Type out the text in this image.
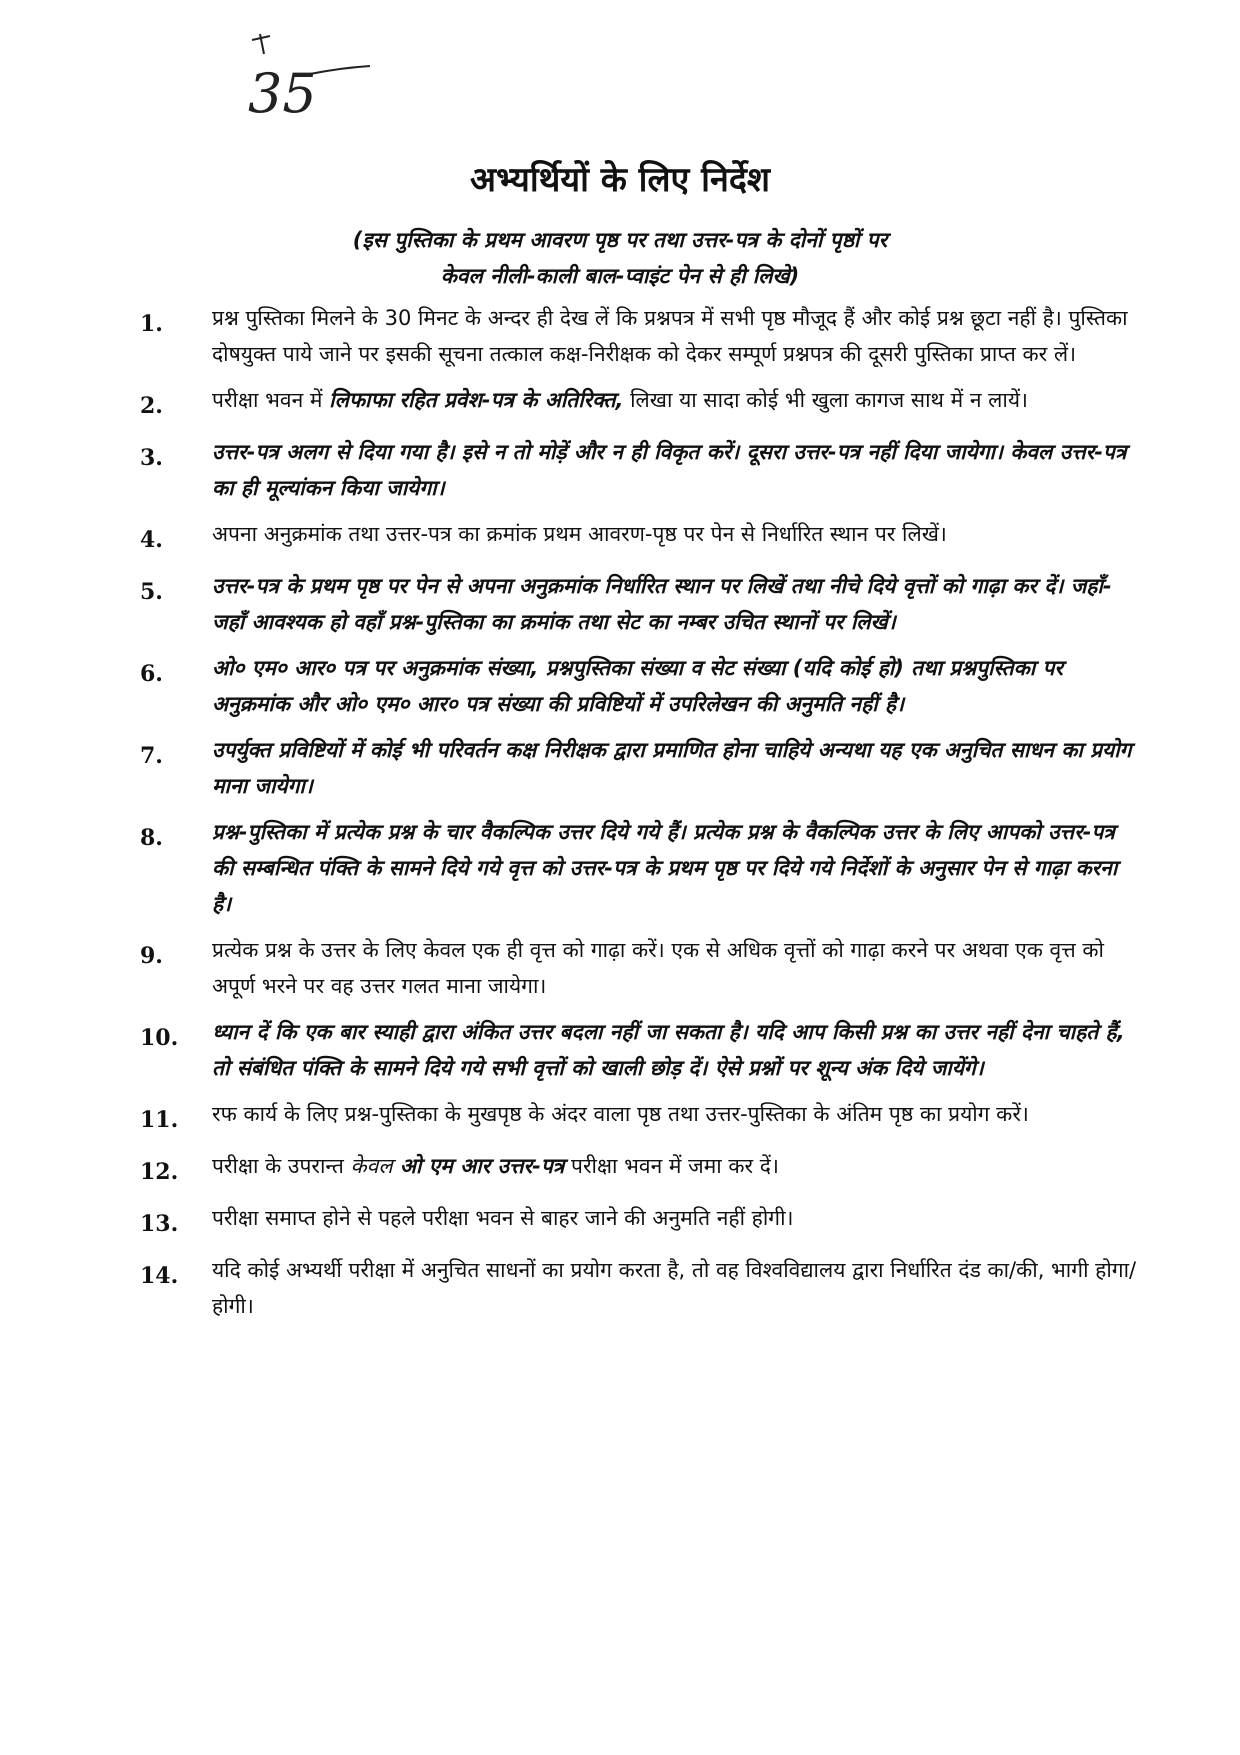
35
अभ्यर्थियों के लिए निर्देश
(इस पुस्तिका के प्रथम आवरण पृष्ठ पर तथा उत्तर-पत्र के दोनों पृष्ठों पर
केवल नीली-काली बाल-प्वाइंट पेन से ही लिखे)
1.	प्रश्न पुस्तिका मिलने के 30 मिनट के अन्दर ही देख लें कि प्रश्नपत्र में सभी पृष्ठ मौजूद हैं और कोई प्रश्न छूटा नहीं है। पुस्तिका दोषयुक्त पाये जाने पर इसकी सूचना तत्काल कक्ष-निरीक्षक को देकर सम्पूर्ण प्रश्नपत्र की दूसरी पुस्तिका प्राप्त कर लें।
2.	परीक्षा भवन में लिफाफा रहित प्रवेश-पत्र के अतिरिक्त, लिखा या सादा कोई भी खुला कागज साथ में न लायें।
3.	उत्तर-पत्र अलग से दिया गया है। इसे न तो मोड़ें और न ही विकृत करें। दूसरा उत्तर-पत्र नहीं दिया जायेगा। केवल उत्तर-पत्र का ही मूल्यांकन किया जायेगा।
4.	अपना अनुक्रमांक तथा उत्तर-पत्र का क्रमांक प्रथम आवरण-पृष्ठ पर पेन से निर्धारित स्थान पर लिखें।
5.	उत्तर-पत्र के प्रथम पृष्ठ पर पेन से अपना अनुक्रमांक निर्धारित स्थान पर लिखें तथा नीचे दिये वृत्तों को गाढ़ा कर दें। जहाँ-जहाँ आवश्यक हो वहाँ प्रश्न-पुस्तिका का क्रमांक तथा सेट का नम्बर उचित स्थानों पर लिखें।
6.	ओ० एम० आर० पत्र पर अनुक्रमांक संख्या, प्रश्नपुस्तिका संख्या व सेट संख्या (यदि कोई हो) तथा प्रश्नपुस्तिका पर अनुक्रमांक और ओ० एम० आर० पत्र संख्या की प्रविष्टियों में उपरिलेखन की अनुमति नहीं है।
7.	उपर्युक्त प्रविष्टियों में कोई भी परिवर्तन कक्ष निरीक्षक द्वारा प्रमाणित होना चाहिये अन्यथा यह एक अनुचित साधन का प्रयोग माना जायेगा।
8.	प्रश्न-पुस्तिका में प्रत्येक प्रश्न के चार वैकल्पिक उत्तर दिये गये हैं। प्रत्येक प्रश्न के वैकल्पिक उत्तर के लिए आपको उत्तर-पत्र की सम्बन्धित पंक्ति के सामने दिये गये वृत्त को उत्तर-पत्र के प्रथम पृष्ठ पर दिये गये निर्देशों के अनुसार पेन से गाढ़ा करना है।
9.	प्रत्येक प्रश्न के उत्तर के लिए केवल एक ही वृत्त को गाढ़ा करें। एक से अधिक वृत्तों को गाढ़ा करने पर अथवा एक वृत्त को अपूर्ण भरने पर वह उत्तर गलत माना जायेगा।
10.	ध्यान दें कि एक बार स्याही द्वारा अंकित उत्तर बदला नहीं जा सकता है। यदि आप किसी प्रश्न का उत्तर नहीं देना चाहते हैं, तो संबंधित पंक्ति के सामने दिये गये सभी वृत्तों को खाली छोड़ दें। ऐसे प्रश्नों पर शून्य अंक दिये जायेंगे।
11.	रफ कार्य के लिए प्रश्न-पुस्तिका के मुखपृष्ठ के अंदर वाला पृष्ठ तथा उत्तर-पुस्तिका के अंतिम पृष्ठ का प्रयोग करें।
12.	परीक्षा के उपरान्त केवल ओ एम आर उत्तर-पत्र परीक्षा भवन में जमा कर दें।
13.	परीक्षा समाप्त होने से पहले परीक्षा भवन से बाहर जाने की अनुमति नहीं होगी।
14.	यदि कोई अभ्यर्थी परीक्षा में अनुचित साधनों का प्रयोग करता है, तो वह विश्वविद्यालय द्वारा निर्धारित दंड का/की, भागी होगा/होगी।
